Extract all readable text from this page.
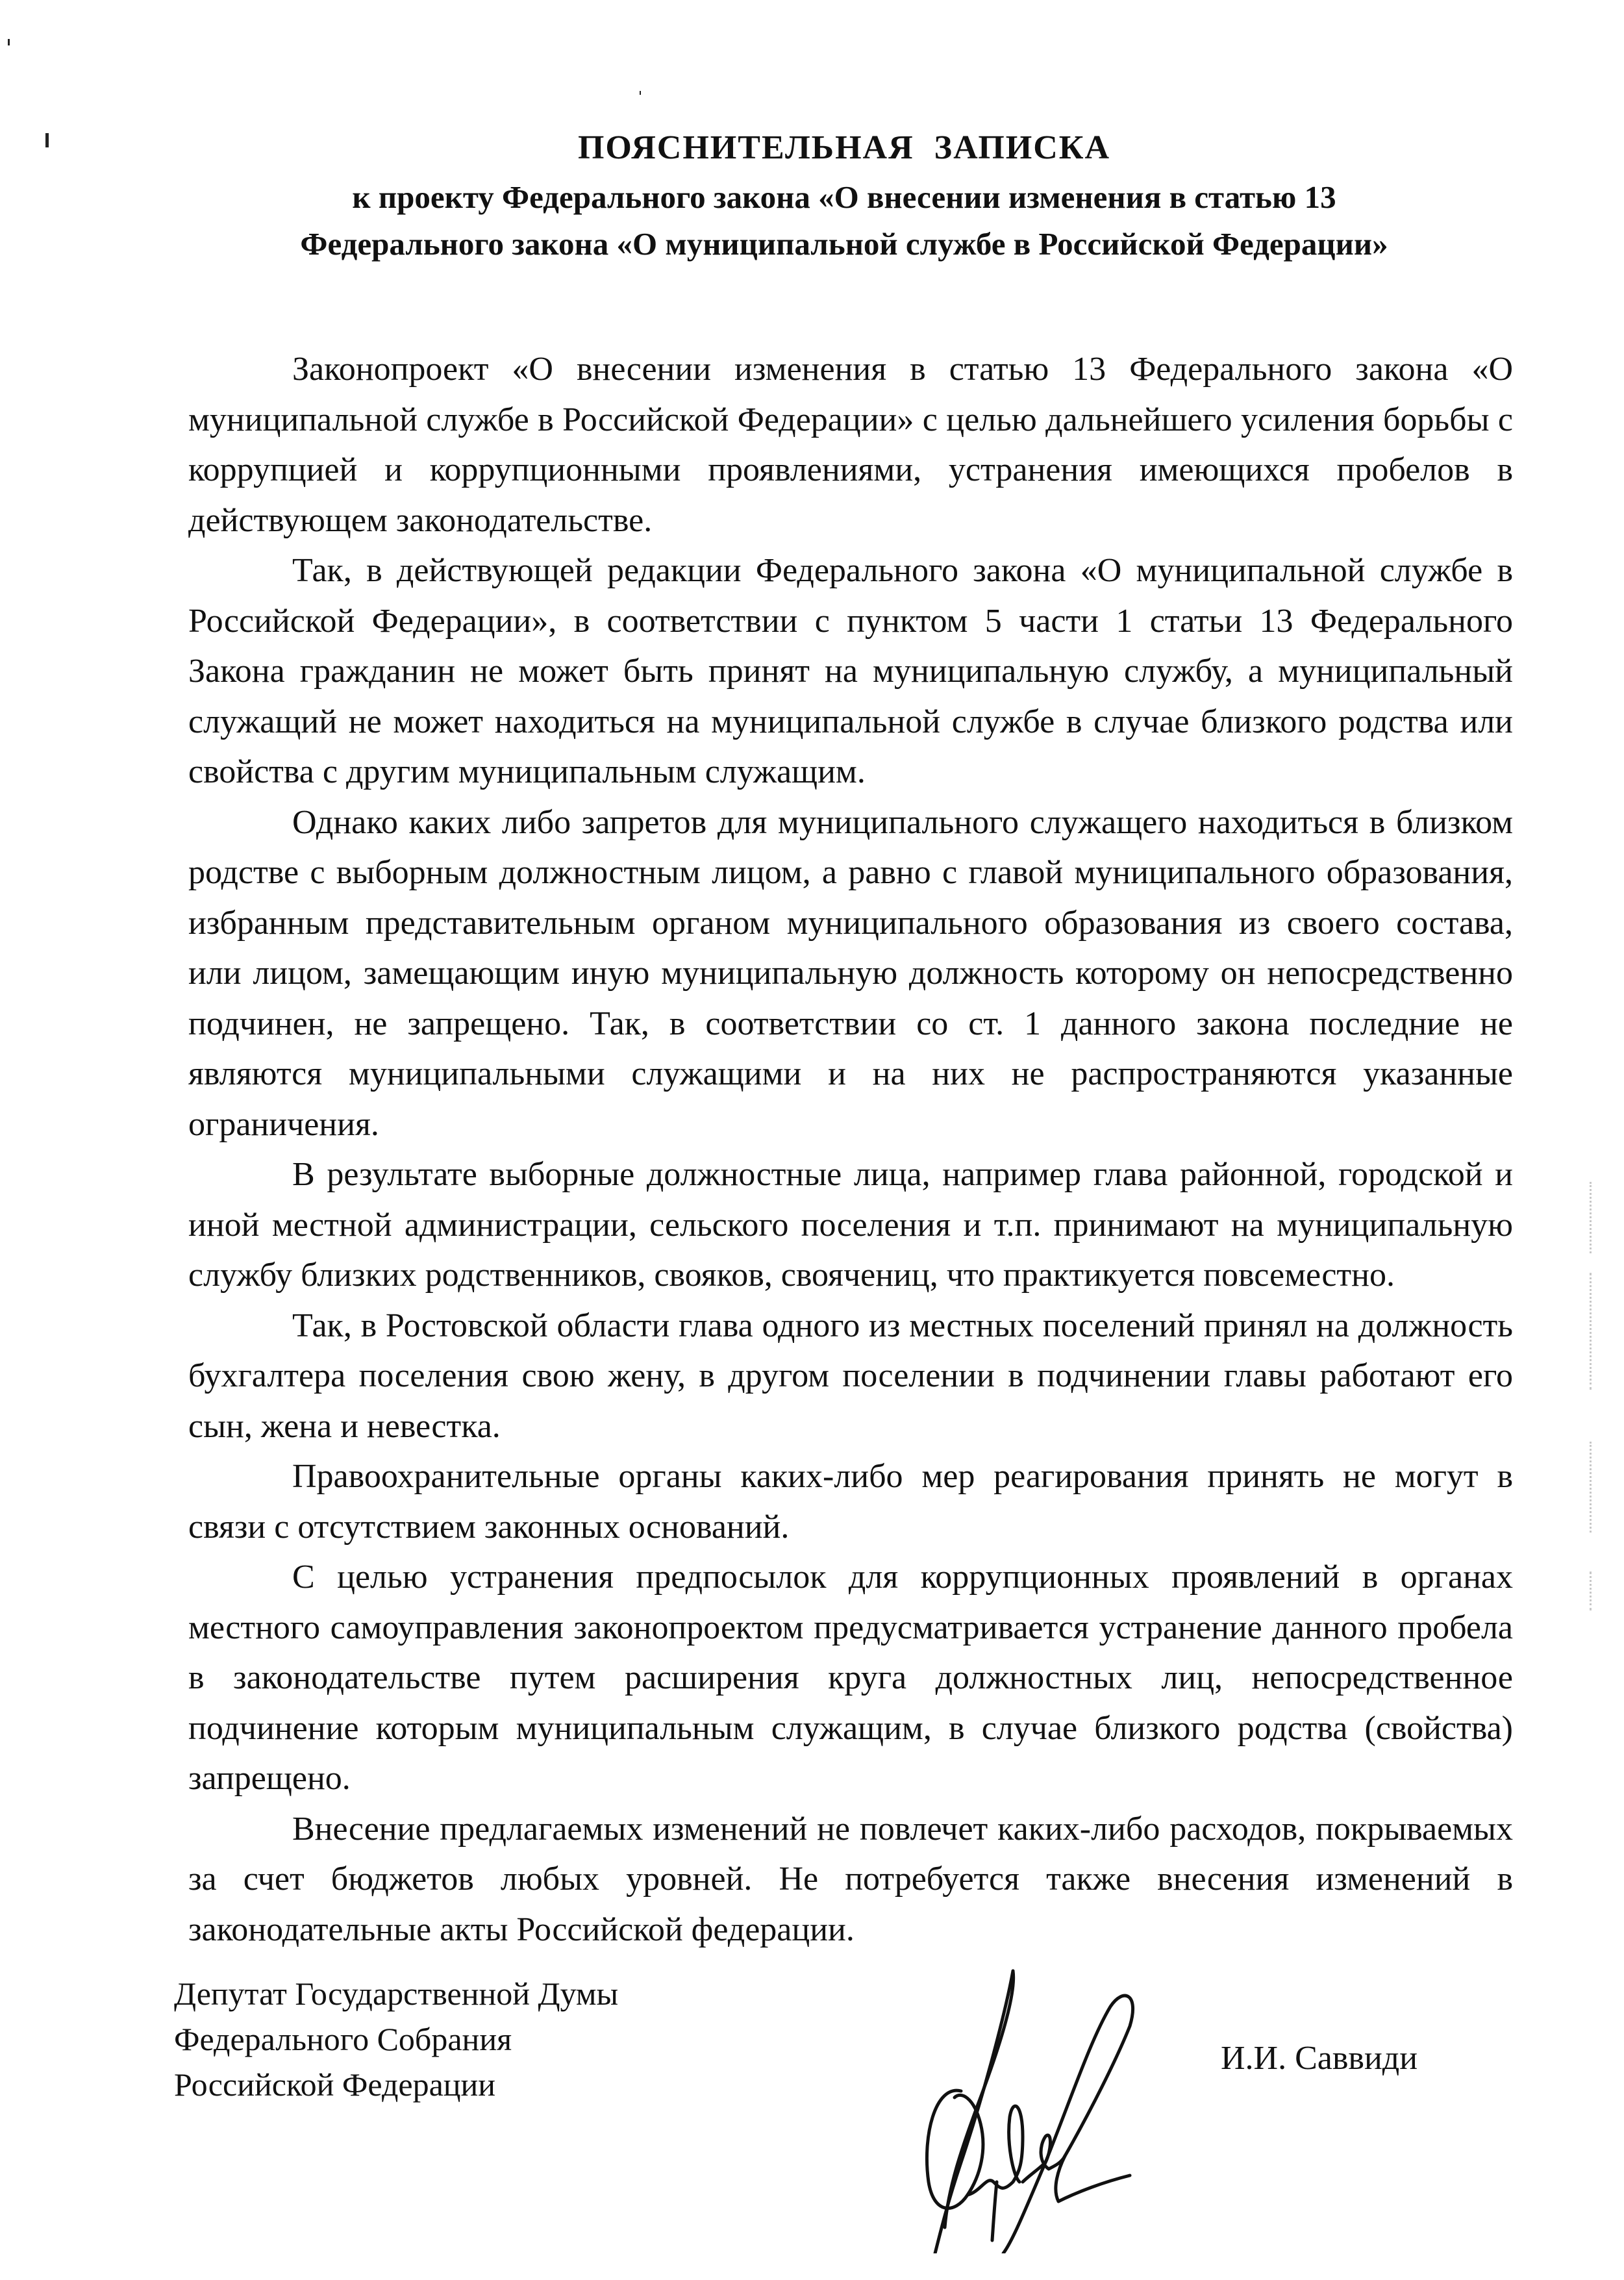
ПОЯСНИТЕЛЬНАЯ ЗАПИСКА
к проекту Федерального закона «О внесении изменения в статью 13
Федерального закона «О муниципальной службе в Российской Федерации»

Законопроект «О внесении изменения в статью 13 Федерального закона «О муниципальной службе в Российской Федерации» с целью дальнейшего усиления борьбы с коррупцией и коррупционными проявлениями, устранения имеющихся пробелов в действующем законодательстве.

Так, в действующей редакции Федерального закона «О муниципальной службе в Российской Федерации», в соответствии с пунктом 5 части 1 статьи 13 Федерального Закона гражданин не может быть принят на муниципальную службу, а муниципальный служащий не может находиться на муниципальной службе в случае близкого родства или свойства с другим муниципальным служащим.

Однако каких либо запретов для муниципального служащего находиться в близком родстве с выборным должностным лицом, а равно с главой муниципального образования, избранным представительным органом муниципального образования из своего состава, или лицом, замещающим иную муниципальную должность которому он непосредственно подчинен, не запрещено. Так, в соответствии со ст. 1 данного закона последние не являются муниципальными служащими и на них не распространяются указанные ограничения.

В результате выборные должностные лица, например глава районной, городской и иной местной администрации, сельского поселения и т.п. принимают на муниципальную службу близких родственников, свояков, своячениц, что практикуется повсеместно.

Так, в Ростовской области глава одного из местных поселений принял на должность бухгалтера поселения свою жену, в другом поселении в подчинении главы работают его сын, жена и невестка.

Правоохранительные органы каких-либо мер реагирования принять не могут в связи с отсутствием законных оснований.

С целью устранения предпосылок для коррупционных проявлений в органах местного самоуправления законопроектом предусматривается устранение данного пробела в законодательстве путем расширения круга должностных лиц, непосредственное подчинение которым муниципальным служащим, в случае близкого родства (свойства) запрещено.

Внесение предлагаемых изменений не повлечет каких-либо расходов, покрываемых за счет бюджетов любых уровней. Не потребуется также внесения изменений в законодательные акты Российской федерации.

Депутат Государственной Думы
Федерального Собрания
Российской Федерации
И.И. Саввиди
